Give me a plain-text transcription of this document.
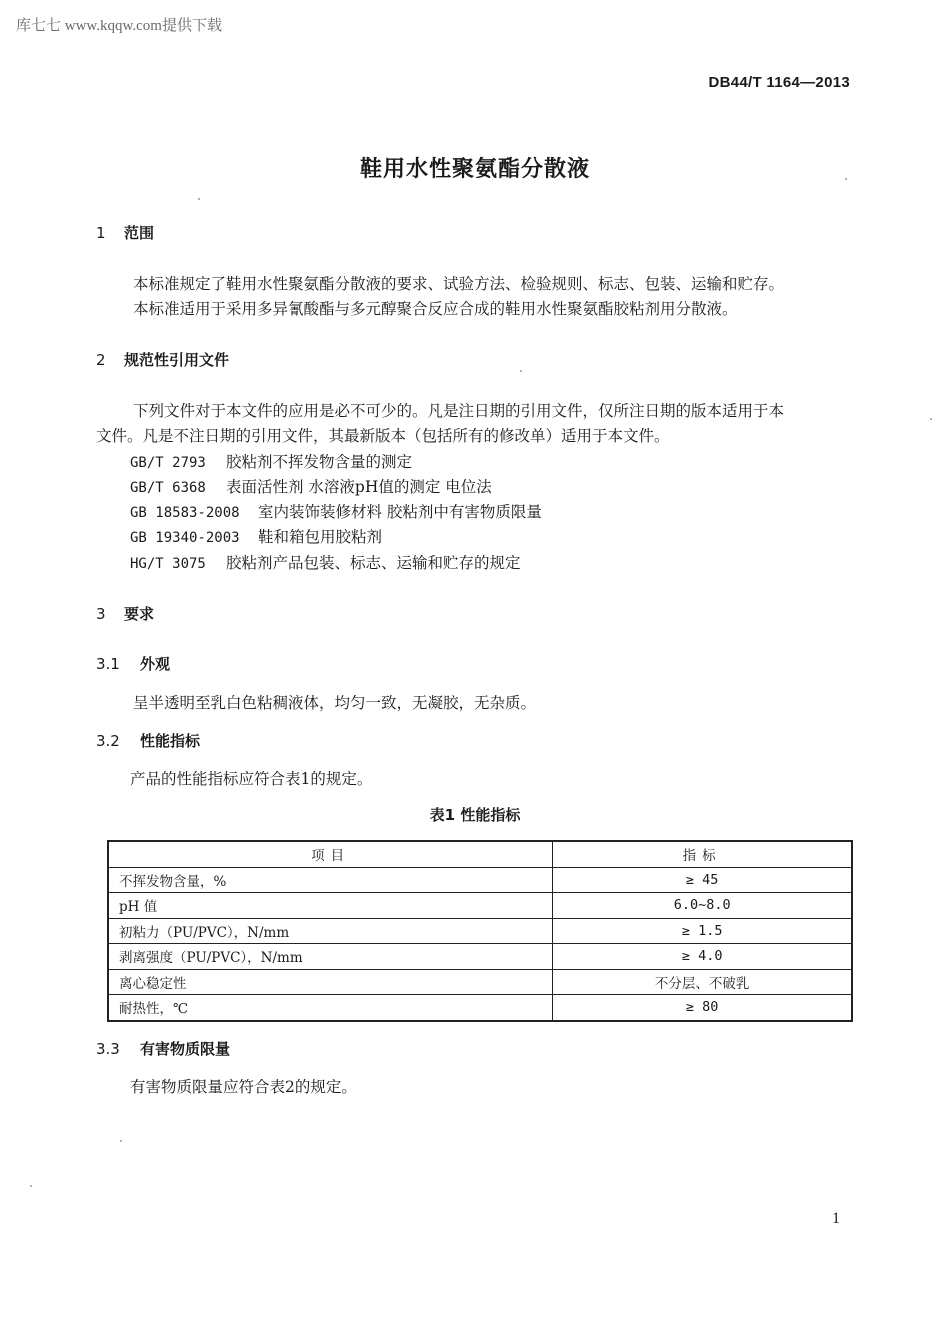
库七七 www.kqqw.com提供下载
DB44/T 1164—2013
鞋用水性聚氨酯分散液
1 范围
本标准规定了鞋用水性聚氨酯分散液的要求、试验方法、检验规则、标志、包装、运输和贮存。
本标准适用于采用多异氰酸酯与多元醇聚合反应合成的鞋用水性聚氨酯胶粘剂用分散液。
2 规范性引用文件
下列文件对于本文件的应用是必不可少的。凡是注日期的引用文件，仅所注日期的版本适用于本
文件。凡是不注日期的引用文件，其最新版本（包括所有的修改单）适用于本文件。
GB/T 2793 胶粘剂不挥发物含量的测定
GB/T 6368 表面活性剂 水溶液pH值的测定 电位法
GB 18583-2008 室内装饰装修材料 胶粘剂中有害物质限量
GB 19340-2003 鞋和箱包用胶粘剂
HG/T 3075 胶粘剂产品包装、标志、运输和贮存的规定
3 要求
3.1 外观
呈半透明至乳白色粘稠液体，均匀一致，无凝胶，无杂质。
3.2 性能指标
产品的性能指标应符合表1的规定。
表1 性能指标
项目	指标
不挥发物含量，%	≥ 45
pH 值	6.0~8.0
初粘力（PU/PVC），N/mm	≥ 1.5
剥离强度（PU/PVC），N/mm	≥ 4.0
离心稳定性	不分层、不破乳
耐热性，℃	≥ 80
3.3 有害物质限量
有害物质限量应符合表2的规定。
1
